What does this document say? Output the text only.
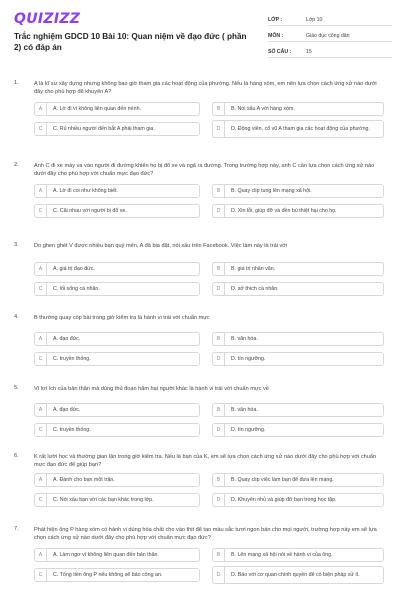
QUIZIZZ
Trắc nghiệm GDCD 10 Bài 10: Quan niệm về đạo đức ( phần 2) có đáp án
LỚP :	Lớp 10
MÔN :	Giáo dục công dân
SỐ CÂU :	15
1.	A là kĩ sư xây dựng nhưng không bao giờ tham gia các hoạt động của phường. Nếu là hàng xóm, em nên lựa chọn cách ứng xử nào dưới đây cho phù hợp để khuyên A?
A	A. Lờ đi vì không liên quan đến mình.	B	B. Nói xấu A với hàng xóm.
C	C. Rủ nhiều người đến bắt A phải tham gia.	D	D. Động viên, cổ vũ A tham gia các hoạt động của phường.
2.	Anh C đi xe máy va vào người đi đường khiến họ bị đổ xe và ngã ra đường. Trong trường hợp này, anh C cần lựa chọn cách ứng xử nào dưới đây cho phù hợp với chuẩn mực đạo đức?
A	A. Lờ đi coi như không biết.	B	B. Quay clip tung lên mạng xã hội.
C	C. Cãi nhau với người bị đổ xe.	D	D. Xin lỗi, giúp đỡ và đền bù thiệt hại cho họ.
3.	Do ghen ghét V được nhiều bạn quý mến, A đã bịa đặt, nói xấu trên Facebook. Việc làm này là trái với
A	A. giá trị đạo đức.	B	B. giá trị nhân văn.
C	C. lối sống cá nhân.	D	D. sở thích cá nhân.
4.	B thường quay cóp bài trong giờ kiểm tra là hành vi trái với chuẩn mực
A	A. đạo đức.	B	B. văn hóa.
C	C. truyền thống.	D	D. tín ngưỡng.
5.	Vì lợi ích của bản thân mà dùng thủ đoạn hãm hại người khác là hành vi trái với chuẩn mực về
A	A. đạo đức.	B	B. văn hóa.
C	C. truyền thống.	D	D. tín ngưỡng.
6.	K rất lười học và thường gian lận trong giờ kiểm tra. Nếu là bạn của K, em sẽ lựa chọn cách ứng xử nào dưới đây cho phù hợp với chuẩn mực đạo đức để giúp bạn?
A	A. Đánh cho bạn một trận.	B	B. Quay clip việc làm bạn để đưa lên mạng.
C	C. Nói xấu bạn với các bạn khác trong lớp.	D	D. Khuyên nhủ và giúp đỡ bạn trong học tập.
7.	Phát hiện ông P hàng xóm có hành vi dùng hóa chất cho vào thịt để tạo màu sắc tươi ngon bán cho mọi người, trường hợp này em sẽ lựa chọn cách ứng xử nào dưới đây cho phù hợp với chuẩn mực đạo đức?
A	A. Làm ngơ vì không liên quan đến bản thân.	B	B. Lên mạng xã hội nói về hành vi của ông.
C	C. Tống tiền ông P nếu không sẽ báo công an.	D	D. Báo với cơ quan chính quyền để có biện pháp xử lí.
